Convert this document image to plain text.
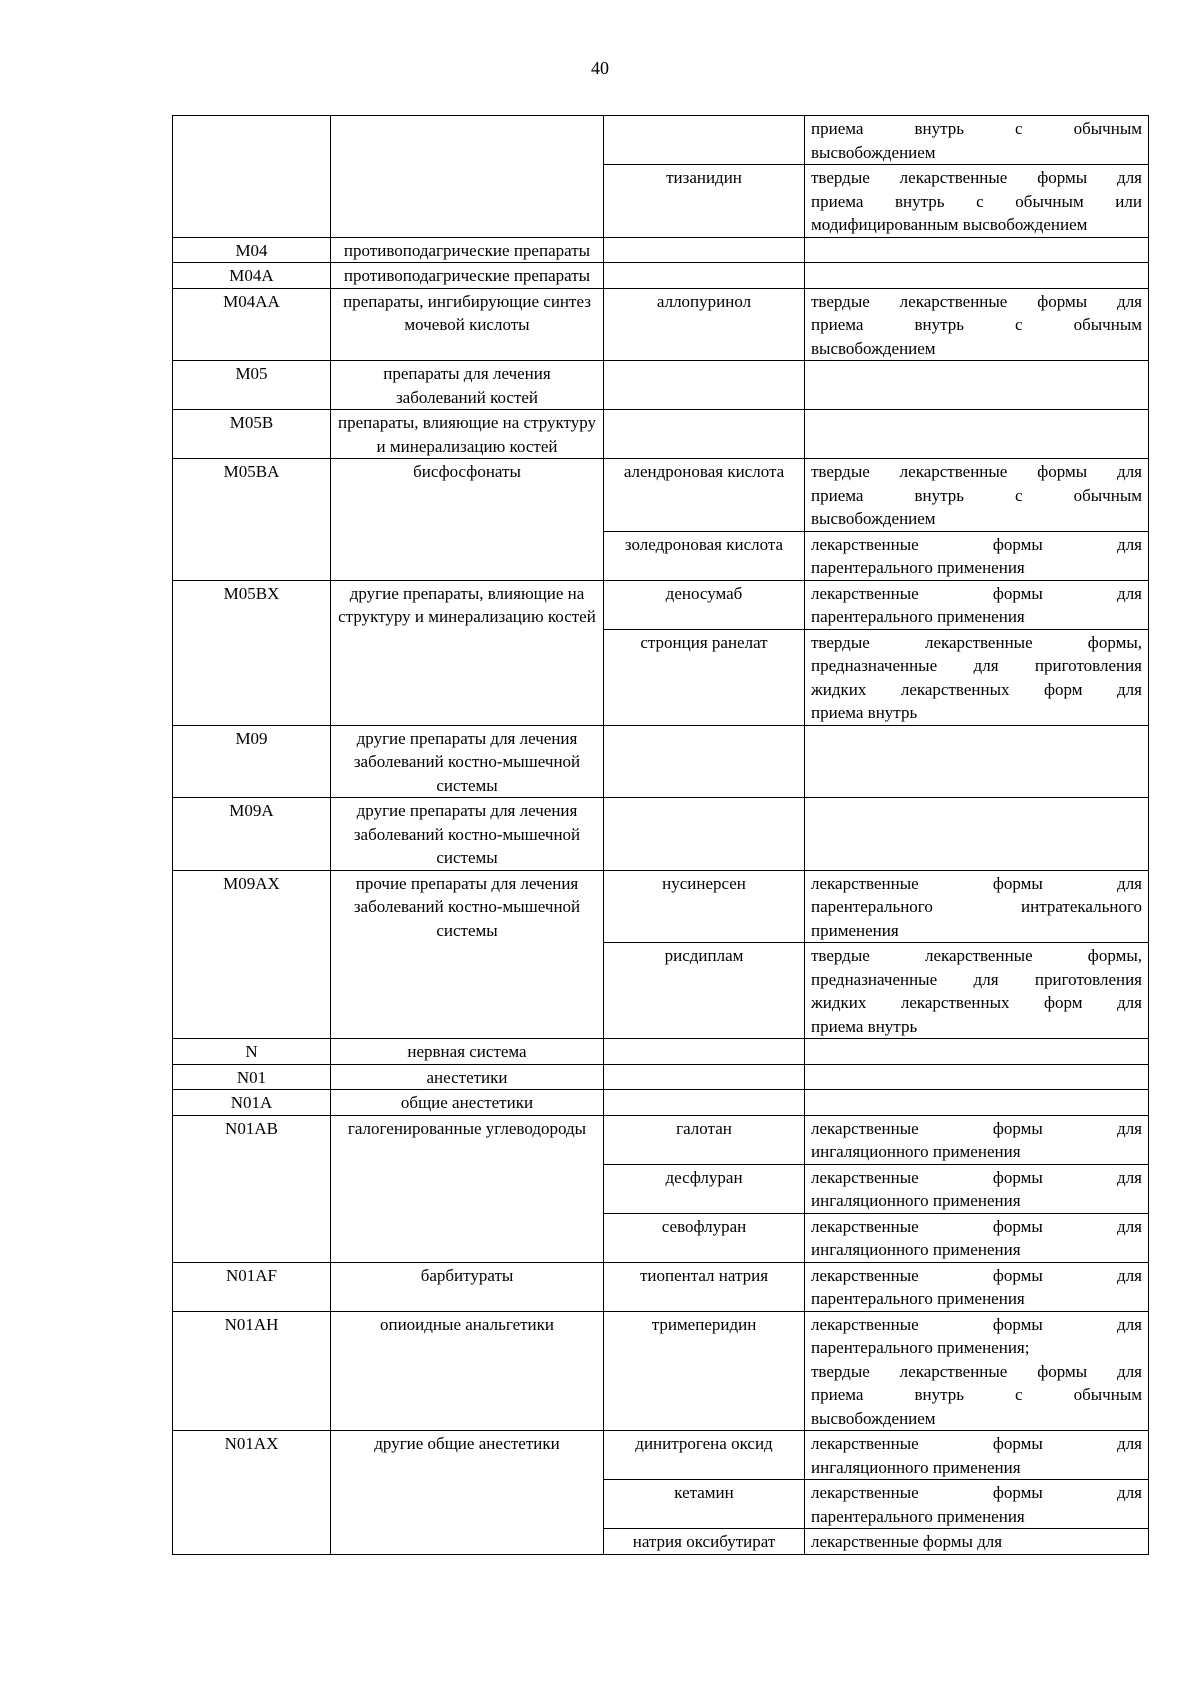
40

			приема внутрь с обычным
высвобождением

		тизанидин	твердые лекарственные формы для
приема внутрь с обычным или
модифицированным высвобождением

M04	противоподагрические препараты		
M04A	противоподагрические препараты		
M04AA	препараты, ингибирующие синтез мочевой кислоты	аллопуринол	твердые лекарственные формы для
приема внутрь с обычным
высвобождением

M05	препараты для лечения заболеваний костей		
M05B	препараты, влияющие на структуру и минерализацию костей		
M05BA	бисфосфонаты	алендроновая кислота	твердые лекарственные формы для
приема внутрь с обычным
высвобождением

		золедроновая кислота	лекарственные формы для
парентерального применения

M05BX	другие препараты, влияющие на структуру и минерализацию костей	деносумаб	лекарственные формы для
парентерального применения

		стронция ранелат	твердые лекарственные формы,
предназначенные для приготовления
жидких лекарственных форм для
приема внутрь

M09	другие препараты для лечения заболеваний костно-мышечной системы		
M09A	другие препараты для лечения заболеваний костно-мышечной системы		
M09AX	прочие препараты для лечения заболеваний костно-мышечной системы	нусинерсен	лекарственные формы для
парентерального интратекального
применения

		рисдиплам	твердые лекарственные формы,
предназначенные для приготовления
жидких лекарственных форм для
приема внутрь

N	нервная система		
N01	анестетики		
N01A	общие анестетики		
N01AB	галогенированные углеводороды	галотан	лекарственные формы для
ингаляционного применения

		десфлуран	лекарственные формы для
ингаляционного применения

		севофлуран	лекарственные формы для
ингаляционного применения

N01AF	барбитураты	тиопентал натрия	лекарственные формы для
парентерального применения

N01AH	опиоидные анальгетики	тримеперидин	лекарственные формы для
парентерального применения;
твердые лекарственные формы для
приема внутрь с обычным
высвобождением

N01AX	другие общие анестетики	динитрогена оксид	лекарственные формы для
ингаляционного применения

		кетамин	лекарственные формы для
парентерального применения

		натрия оксибутират	лекарственные формы для
